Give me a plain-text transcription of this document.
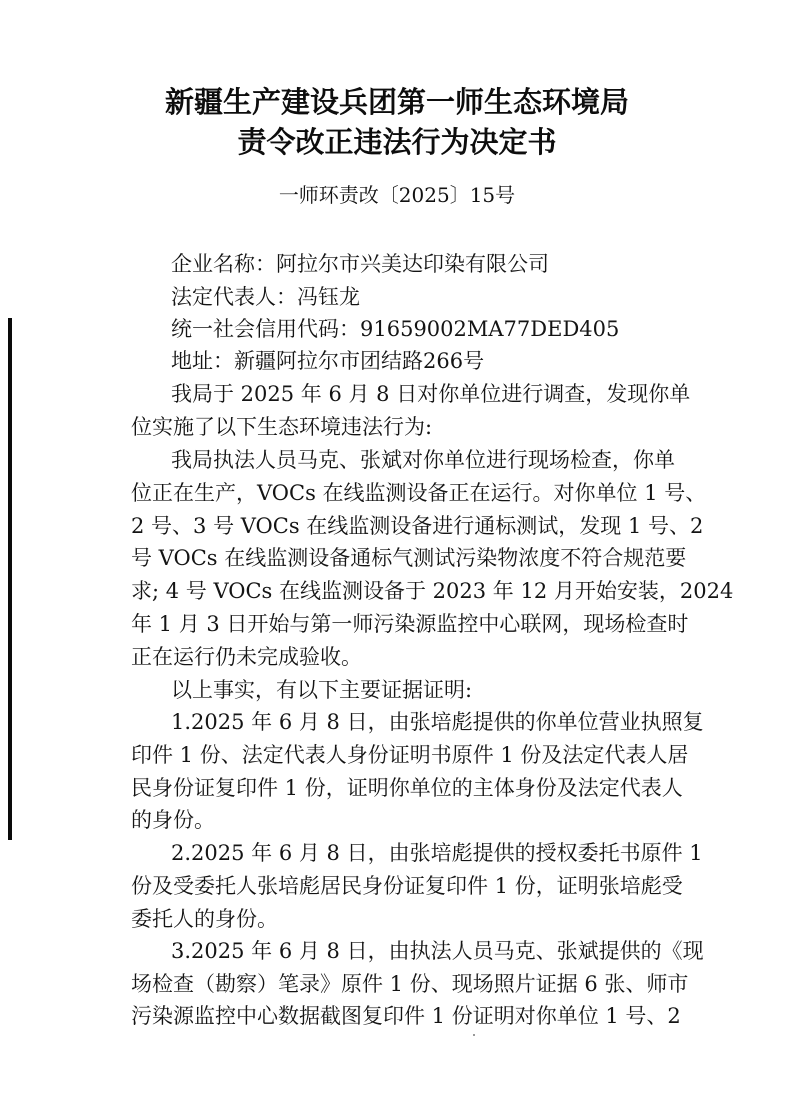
新疆生产建设兵团第一师生态环境局
责令改正违法行为决定书
一师环责改〔2025〕15号
企业名称：阿拉尔市兴美达印染有限公司
法定代表人：冯钰龙
统一社会信用代码：91659002MA77DED405
地址：新疆阿拉尔市团结路266号
我局于 2025 年 6 月 8 日对你单位进行调查，发现你单
位实施了以下生态环境违法行为:
我局执法人员马克、张斌对你单位进行现场检查，你单
位正在生产，VOCs 在线监测设备正在运行。对你单位 1 号、
2 号、3 号 VOCs 在线监测设备进行通标测试，发现 1 号、2
号 VOCs 在线监测设备通标气测试污染物浓度不符合规范要
求; 4 号 VOCs 在线监测设备于 2023 年 12 月开始安装，2024
年 1 月 3 日开始与第一师污染源监控中心联网，现场检查时
正在运行仍未完成验收。
以上事实，有以下主要证据证明:
1.2025 年 6 月 8 日，由张培彪提供的你单位营业执照复
印件 1 份、法定代表人身份证明书原件 1 份及法定代表人居
民身份证复印件 1 份，证明你单位的主体身份及法定代表人
的身份。
2.2025 年 6 月 8 日，由张培彪提供的授权委托书原件 1
份及受委托人张培彪居民身份证复印件 1 份，证明张培彪受
委托人的身份。
3.2025 年 6 月 8 日，由执法人员马克、张斌提供的《现
场检查（勘察）笔录》原件 1 份、现场照片证据 6 张、师市
污染源监控中心数据截图复印件 1 份证明对你单位 1 号、2
